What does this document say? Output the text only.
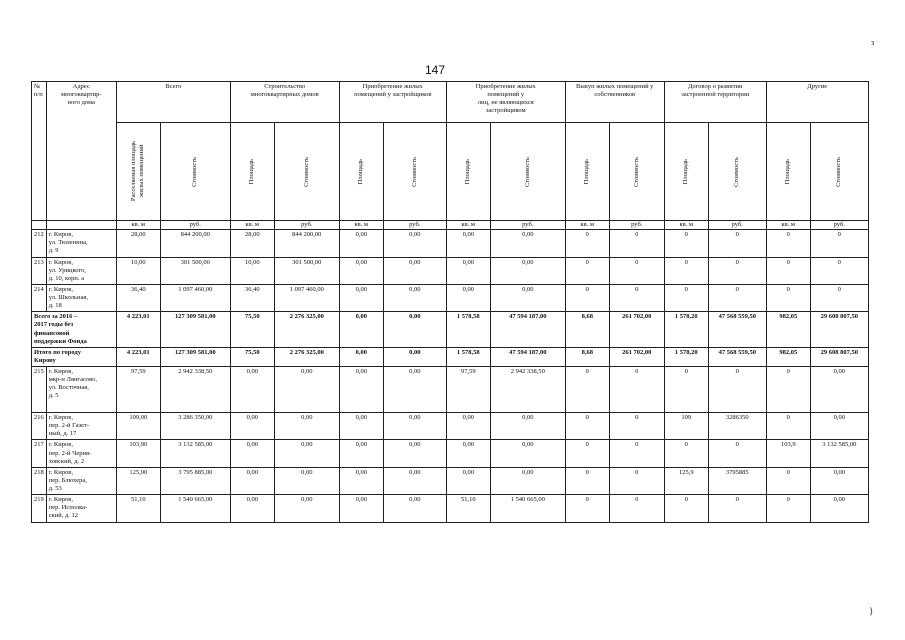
147
з
}
№
п/п	Адрес
многоквартир-
ного дома	Всего		Строительство
многоквартирных домов		Приобретение жилых
помещений у застройщиков		Приобретение жилых
помещений у
лиц, не являющихся
застройщиком		Выкуп жилых помещений у
собственников		Договор о развитии
застроенной территории		Другие	

		Расселяемая площадь
жилых помещений	Стоимость	Площадь	Стоимость	Площадь	Стоимость	Площадь	Стоимость	Площадь	Стоимость	Площадь	Стоимость	Площадь	Стоимость

		кв. м	руб.	кв. м	руб.	кв. м	руб.	кв. м	руб.	кв. м	руб.	кв. м	руб.	кв. м	руб.
212	г. Киров,
ул. Тюленина,
д. 9	28,00	844 200,00	28,00	844 200,00	0,00	0,00	0,00	0,00	0	0	0	0	0	0
213	г. Киров,
ул. Урицкого,
д. 10, корп. а	10,00	301 500,00	10,00	301 500,00	0,00	0,00	0,00	0,00	0	0	0	0	0	0
214	г. Киров,
ул. Школьная,
д. 18	36,40	1 097 460,00	36,40	1 097 460,00	0,00	0,00	0,00	0,00	0	0	0	0	0	0
Всего за 2016 –
2017 годы без
финансовой
поддержки Фонда		4 223,01	127 309 581,00	75,50	2 276 325,00	0,00	0,00	1 578,58	47 594 187,00	8,68	261 702,00	1 578,20	47 568 559,50	982,05	29 608 807,50
Итого по городу
Кирову		4 223,01	127 309 581,00	75,50	2 276 325,00	0,00	0,00	1 578,58	47 594 187,00	8,68	261 702,00	1 578,20	47 568 559,50	982,05	29 608 807,50
215	г. Киров,
мкр-н Лянгасово,
ул. Восточная,
д. 5	97,59	2 942 338,50	0,00	0,00	0,00	0,00	97,59	2 942 338,50	0	0	0	0	0	0,00
216	г. Киров,
пер. 2-й Газет-
ный, д. 17	109,00	3 286 350,00	0,00	0,00	0,00	0,00	0,00	0,00	0	0	109	3286350	0	0,00
217	г. Киров,
пер. 2-й Черня-
ховский, д. 2	103,90	3 132 585,00	0,00	0,00	0,00	0,00	0,00	0,00	0	0	0	0	103,9	3 132 585,00
218	г. Киров,
пер. Блюхера,
д. 53	125,90	3 795 885,00	0,00	0,00	0,00	0,00	0,00	0,00	0	0	125,9	3795885	0	0,00
219	г. Киров,
пер. Исполка-
ский, д. 12	51,10	1 540 665,00	0,00	0,00	0,00	0,00	51,10	1 540 665,00	0	0	0	0	0	0,00
